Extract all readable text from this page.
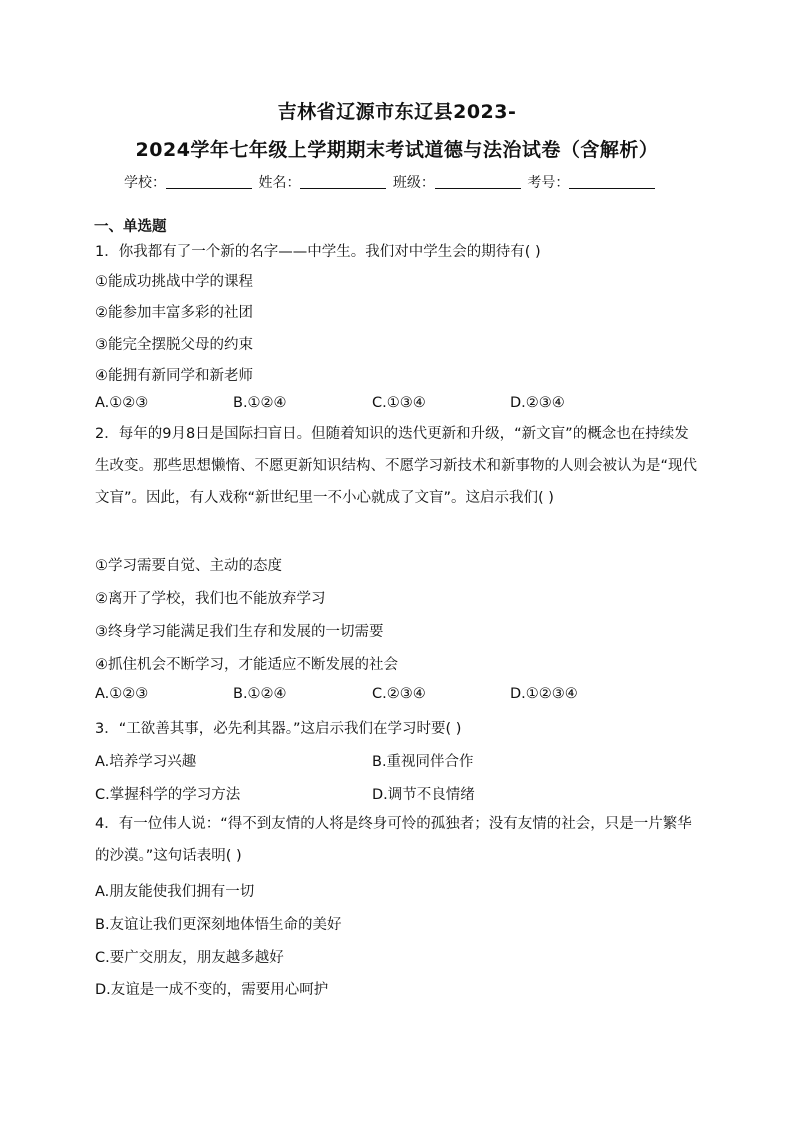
吉林省辽源市东辽县2023-
2024学年七年级上学期期末考试道德与法治试卷（含解析）
学校：	姓名：	班级：	考号：
一、单选题
1．你我都有了一个新的名字——中学生。我们对中学生会的期待有( )
①能成功挑战中学的课程
②能参加丰富多彩的社团
③能完全摆脱父母的约束
④能拥有新同学和新老师
A.①②③	B.①②④	C.①③④	D.②③④
2．每年的9月8日是国际扫盲日。但随着知识的迭代更新和升级，“新文盲”的概念也在持续发生改变。那些思想懒惰、不愿更新知识结构、不愿学习新技术和新事物的人则会被认为是“现代文盲”。因此，有人戏称“新世纪里一不小心就成了文盲”。这启示我们( )
①学习需要自觉、主动的态度
②离开了学校，我们也不能放弃学习
③终身学习能满足我们生存和发展的一切需要
④抓住机会不断学习，才能适应不断发展的社会
A.①②③	B.①②④	C.②③④	D.①②③④
3．“工欲善其事，必先利其器。”这启示我们在学习时要( )
A.培养学习兴趣	B.重视同伴合作
C.掌握科学的学习方法	D.调节不良情绪
4．有一位伟人说：“得不到友情的人将是终身可怜的孤独者；没有友情的社会，只是一片繁华的沙漠。”这句话表明( )
A.朋友能使我们拥有一切
B.友谊让我们更深刻地体悟生命的美好
C.要广交朋友，朋友越多越好
D.友谊是一成不变的，需要用心呵护
